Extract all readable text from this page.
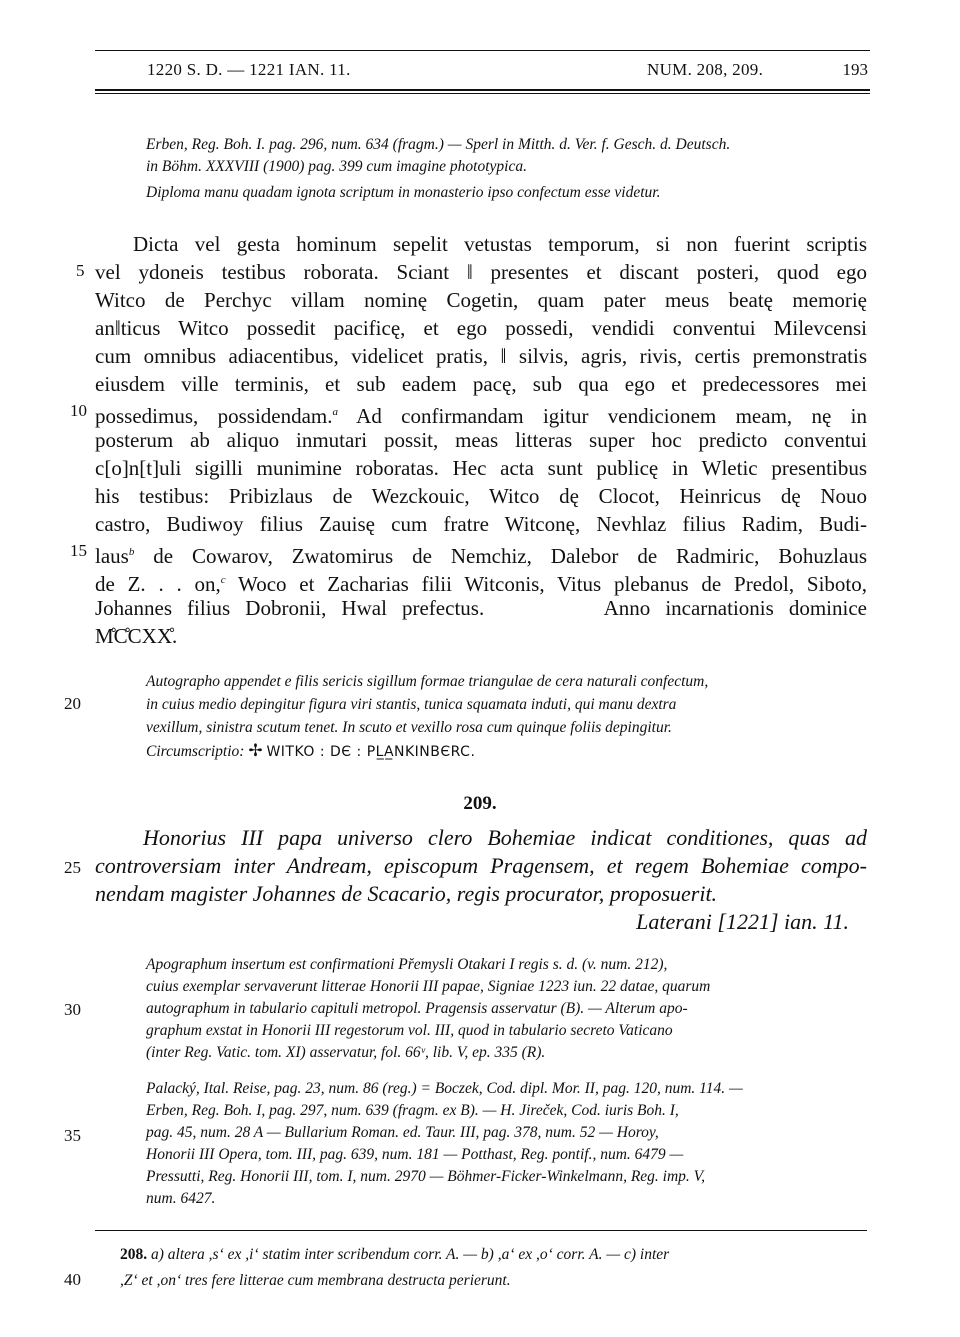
1220 S. D. — 1221 IAN. 11.	NUM. 208, 209.	193
Erben, Reg. Boh. I. pag. 296, num. 634 (fragm.) — Sperl in Mitth. d. Ver. f. Gesch. d. Deutsch.
in Böhm. XXXVIII (1900) pag. 399 cum imagine phototypica.
Diploma manu quadam ignota scriptum in monasterio ipso confectum esse videtur.
Dicta vel gesta hominum sepelit vetustas temporum, si non fuerint scriptis
vel ydoneis testibus roborata. Sciant ‖ presentes et discant posteri, quod ego
Witco de Perchyc villam nominę Cogetin, quam pater meus beatę memorię
an‖ticus Witco possedit pacificę, et ego possedi, vendidi conventui Milevcensi
cum omnibus adiacentibus, videlicet pratis, ‖ silvis, agris, rivis, certis premonstratis
eiusdem ville terminis, et sub eadem pacę, sub qua ego et predecessores mei
possedimus, possidendam.$^a$ Ad confirmandam igitur vendicionem meam, nę in
posterum ab aliquo inmutari possit, meas litteras super hoc predicto conventui
c[o]n[t]uli sigilli munimine roboratas. Hec acta sunt publicę in Wletic presentibus
his testibus: Pribizlaus de Wezckouic, Witco dę Clocot, Heinricus dę Nouo
castro, Budiwoy filius Zauisę cum fratre Witconę, Nevhlaz filius Radim, Budi-
laus$^b$ de Cowarov, Zwatomirus de Nemchiz, Dalebor de Radmiric, Bohuzlaus
de Z. . . on,$^c$ Woco et Zacharias filii Witconis, Vitus plebanus de Predol, Siboto,
Johannes filius Dobronii, Hwal prefectus.        Anno incarnationis dominice
M̊C̊CXX̊.
Autographo appendet e filis sericis sigillum formae triangulae de cera naturali confectum,
in cuius medio depingitur figura viri stantis, tunica squamata induti, qui manu dextra
vexillum, sinistra scutum tenet. In scuto et vexillo rosa cum quinque foliis depingitur.
Circumscriptio: ✢ WITKO : DЄ : PL̲A̲NKINBЄRC.
209.
Honorius III papa universo clero Bohemiae indicat conditiones, quas ad
controversiam inter Andream, episcopum Pragensem, et regem Bohemiae compo-
nendam magister Johannes de Scacario, regis procurator, proposuerit.
Laterani [1221] ian. 11.
Apographum insertum est confirmationi Přemysli Otakari I regis s. d. (v. num. 212),
cuius exemplar servaverunt litterae Honorii III papae, Signiae 1223 iun. 22 datae, quarum
autographum in tabulario capituli metropol. Pragensis asservatur (B). — Alterum apo-
graphum exstat in Honorii III regestorum vol. III, quod in tabulario secreto Vaticano
(inter Reg. Vatic. tom. XI) asservatur, fol. 66ᵛ, lib. V, ep. 335 (R).
Palacký, Ital. Reise, pag. 23, num. 86 (reg.) = Boczek, Cod. dipl. Mor. II, pag. 120, num. 114. —
Erben, Reg. Boh. I, pag. 297, num. 639 (fragm. ex B). — H. Jireček, Cod. iuris Boh. I,
pag. 45, num. 28 A — Bullarium Roman. ed. Taur. III, pag. 378, num. 52 — Horoy,
Honorii III Opera, tom. III, pag. 639, num. 181 — Potthast, Reg. pontif., num. 6479 —
Pressutti, Reg. Honorii III, tom. I, num. 2970 — Böhmer-Ficker-Winkelmann, Reg. imp. V,
num. 6427.
208. a) altera ,s‘ ex ,i‘ statim inter scribendum corr. A. — b) ,a‘ ex ,o‘ corr. A. — c) inter
,Z‘ et ,on‘ tres fere litterae cum membrana destructa perierunt.
5
10
15
20
25
30
35
40
